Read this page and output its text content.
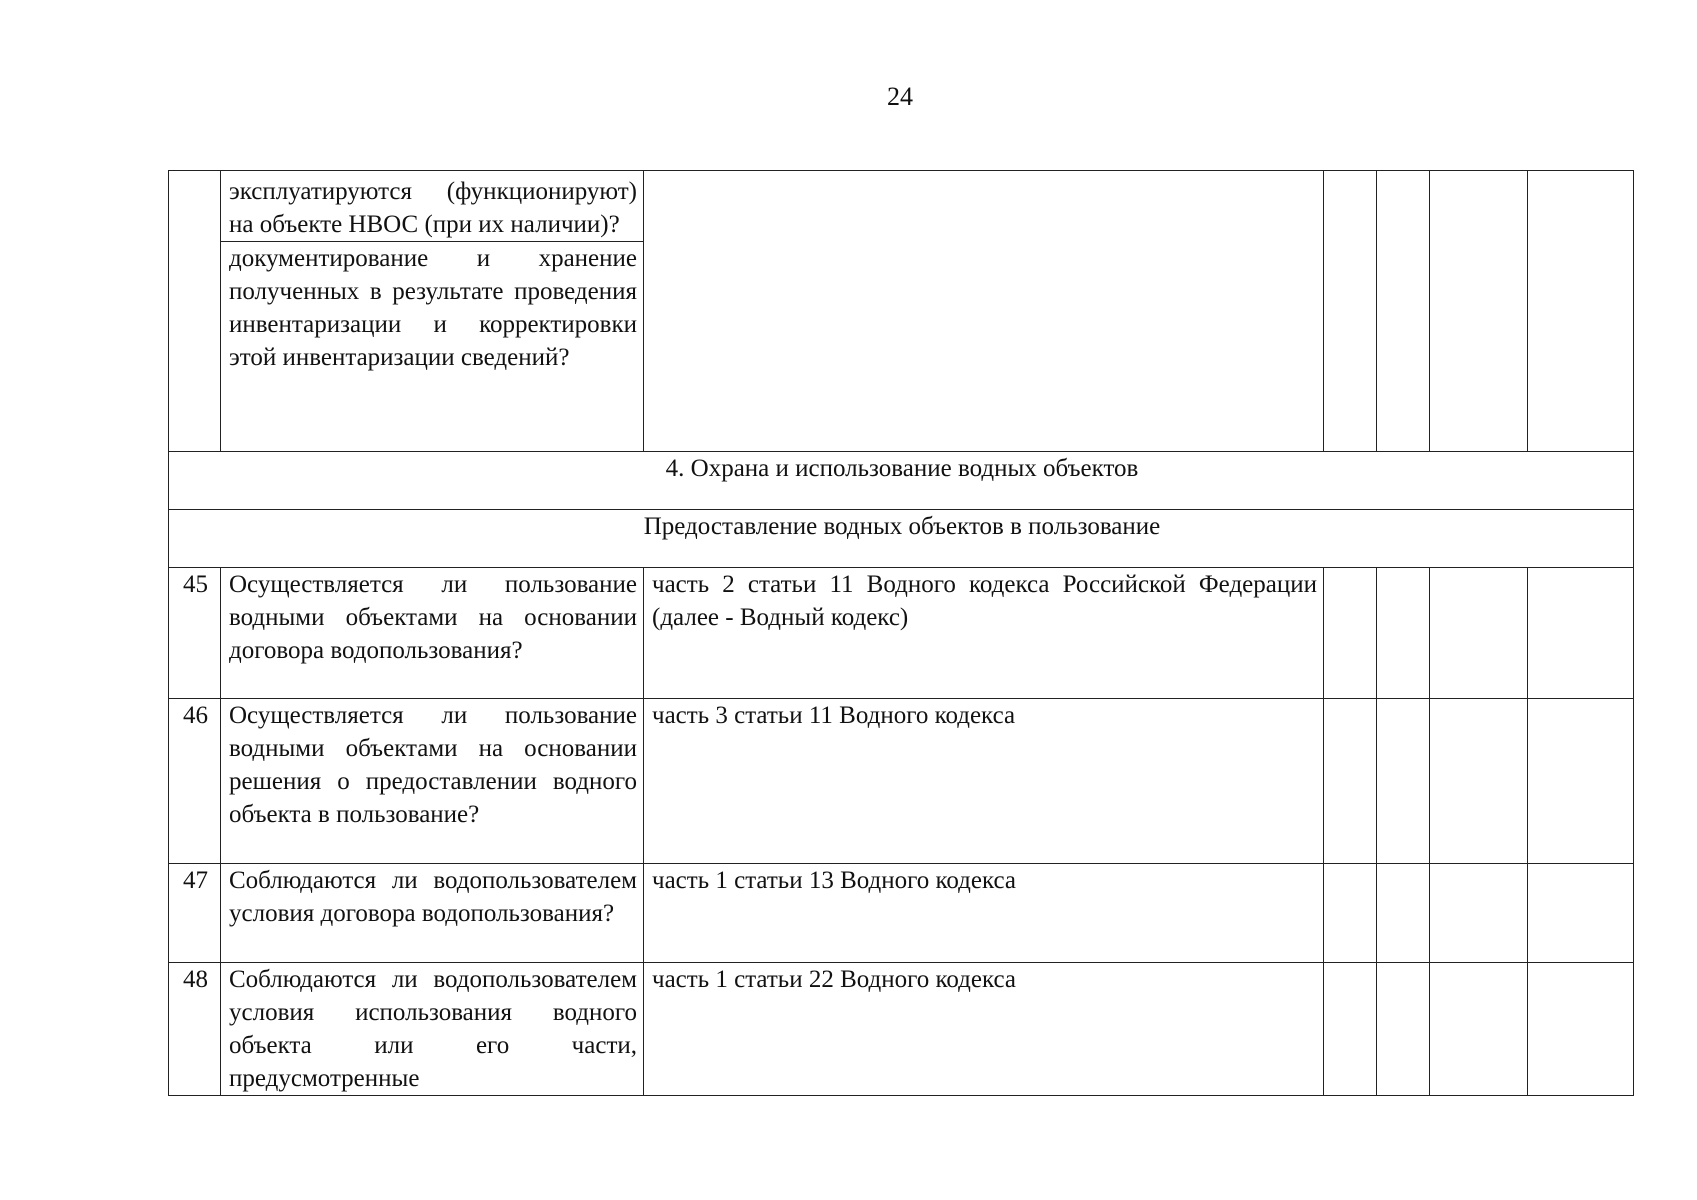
24

	эксплуатируются (функционируют) на объекте НВОС (при их наличии)?
документирование и хранение полученных в результате проведения инвентаризации и корректировки этой инвентаризации сведений?					

4. Охрана и использование водных объектов						
Предоставление водных объектов в пользование						
45	Осуществляется ли пользование водными объектами на основании договора водопользования?	часть 2 статьи 11 Водного кодекса Российской Федерации (далее - Водный кодекс)				
46	Осуществляется ли пользование водными объектами на основании решения о предоставлении водного объекта в пользование?	часть 3 статьи 11 Водного кодекса				
47	Соблюдаются ли водопользователем условия договора водопользования?	часть 1 статьи 13 Водного кодекса				
48	Соблюдаются ли водопользователем условия использования водного объекта или его части, предусмотренные	часть 1 статьи 22 Водного кодекса				
